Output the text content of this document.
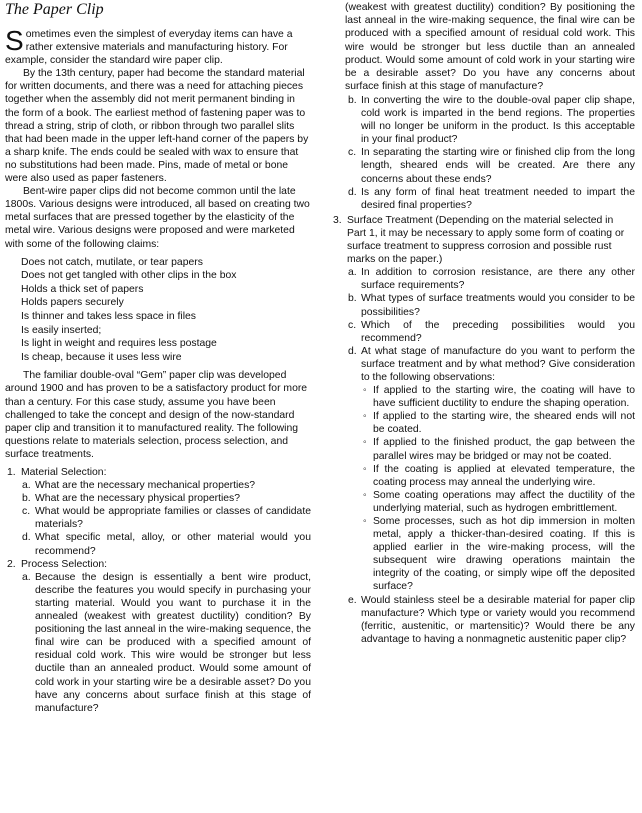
The Paper Clip

Sometimes even the simplest of everyday items can have a rather extensive materials and manufacturing history. For example, consider the standard wire paper clip.

By the 13th century, paper had become the standard material for written documents, and there was a need for attaching pieces together when the assembly did not merit permanent binding in the form of a book. The earliest method of fastening paper was to thread a string, strip of cloth, or ribbon through two parallel slits that had been made in the upper left-hand corner of the papers by a sharp knife. The ends could be sealed with wax to ensure that no substitutions had been made. Pins, made of metal or bone were also used as paper fasteners.

Bent-wire paper clips did not become common until the late 1800s. Various designs were introduced, all based on creating two metal surfaces that are pressed together by the elasticity of the metal wire. Various designs were proposed and were marketed with some of the following claims:

Does not catch, mutilate, or tear papers
Does not get tangled with other clips in the box
Holds a thick set of papers
Holds papers securely
Is thinner and takes less space in files
Is easily inserted;
Is light in weight and requires less postage
Is cheap, because it uses less wire

The familiar double-oval “Gem” paper clip was developed around 1900 and has proven to be a satisfactory product for more than a century. For this case study, assume you have been challenged to take the concept and design of the now-standard paper clip and transition it to manufactured reality. The following questions relate to materials selection, process selection, and surface treatments.

1. Material Selection:
a. What are the necessary mechanical properties?
b. What are the necessary physical properties?
c. What would be appropriate families or classes of candidate materials?
d. What specific metal, alloy, or other material would you recommend?
2. Process Selection:
a. Because the design is essentially a bent wire product, describe the features you would specify in purchasing your starting material. Would you want to purchase it in the annealed (weakest with greatest ductility) condition? By positioning the last anneal in the wire-making sequence, the final wire can be produced with a specified amount of residual cold work. This wire would be stronger but less ductile than an annealed product. Would some amount of cold work in your starting wire be a desirable asset? Do you have any concerns about surface finish at this stage of manufacture?
(weakest with greatest ductility) condition? By positioning the last anneal in the wire-making sequence, the final wire can be produced with a specified amount of residual cold work. This wire would be stronger but less ductile than an annealed product. Would some amount of cold work in your starting wire be a desirable asset? Do you have any concerns about surface finish at this stage of manufacture?
b. In converting the wire to the double-oval paper clip shape, cold work is imparted in the bend regions. The properties will no longer be uniform in the product. Is this acceptable in your final product?
c. In separating the starting wire or finished clip from the long length, sheared ends will be created. Are there any concerns about these ends?
d. Is any form of final heat treatment needed to impart the desired final properties?
3. Surface Treatment (Depending on the material selected in Part 1, it may be necessary to apply some form of coating or surface treatment to suppress corrosion and possible rust marks on the paper.)
a. In addition to corrosion resistance, are there any other surface requirements?
b. What types of surface treatments would you consider to be possibilities?
c. Which of the preceding possibilities would you recommend?
d. At what stage of manufacture do you want to perform the surface treatment and by what method? Give consideration to the following observations:
◦ If applied to the starting wire, the coating will have to have sufficient ductility to endure the shaping operation.
◦ If applied to the starting wire, the sheared ends will not be coated.
◦ If applied to the finished product, the gap between the parallel wires may be bridged or may not be coated.
◦ If the coating is applied at elevated temperature, the coating process may anneal the underlying wire.
◦ Some coating operations may affect the ductility of the underlying material, such as hydrogen embrittlement.
◦ Some processes, such as hot dip immersion in molten metal, apply a thicker-than-desired coating. If this is applied earlier in the wire-making process, will the subsequent wire drawing operations maintain the integrity of the coating, or simply wipe off the deposited surface?
e. Would stainless steel be a desirable material for paper clip manufacture? Which type or variety would you recommend (ferritic, austenitic, or martensitic)? Would there be any advantage to having a nonmagnetic austenitic paper clip?
